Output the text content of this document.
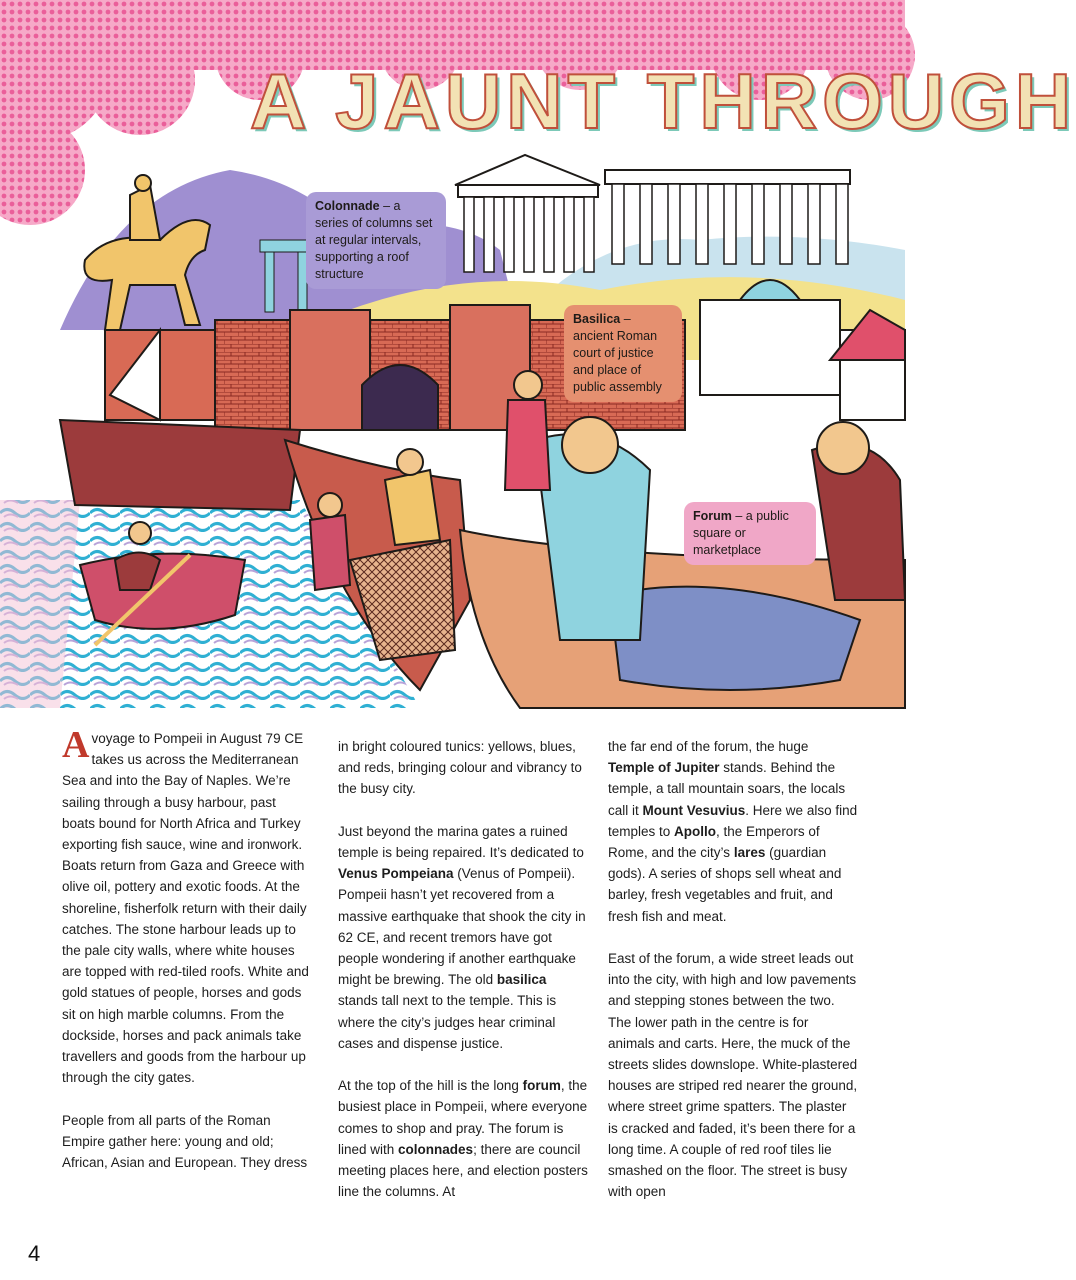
A JAUNT THROUGH
Colonnade – a series of columns set at regular intervals, supporting a roof structure
Basilica – ancient Roman court of justice and place of public assembly
Forum – a public square or marketplace

A voyage to Pompeii in August 79 CE takes us across the Mediterranean Sea and into the Bay of Naples. We’re sailing through a busy harbour, past boats bound for North Africa and Turkey exporting fish sauce, wine and ironwork. Boats return from Gaza and Greece with olive oil, pottery and exotic foods. At the shoreline, fisherfolk return with their daily catches. The stone harbour leads up to the pale city walls, where white houses are topped with red-tiled roofs. White and gold statues of people, horses and gods sit on high marble columns. From the dockside, horses and pack animals take travellers and goods from the harbour up through the city gates.

People from all parts of the Roman Empire gather here: young and old; African, Asian and European. They dress

in bright coloured tunics: yellows, blues, and reds, bringing colour and vibrancy to the busy city.

Just beyond the marina gates a ruined temple is being repaired. It’s dedicated to Venus Pompeiana (Venus of Pompeii). Pompeii hasn’t yet recovered from a massive earthquake that shook the city in 62 CE, and recent tremors have got people wondering if another earthquake might be brewing. The old basilica stands tall next to the temple. This is where the city’s judges hear criminal cases and dispense justice.

At the top of the hill is the long forum, the busiest place in Pompeii, where everyone comes to shop and pray. The forum is lined with colonnades; there are council meeting places here, and election posters line the columns. At

the far end of the forum, the huge Temple of Jupiter stands. Behind the temple, a tall mountain soars, the locals call it Mount Vesuvius. Here we also find temples to Apollo, the Emperors of Rome, and the city’s lares (guardian gods). A series of shops sell wheat and barley, fresh vegetables and fruit, and fresh fish and meat.

East of the forum, a wide street leads out into the city, with high and low pavements and stepping stones between the two. The lower path in the centre is for animals and carts. Here, the muck of the streets slides downslope. White-plastered houses are striped red nearer the ground, where street grime spatters. The plaster is cracked and faded, it’s been there for a long time. A couple of red roof tiles lie smashed on the floor. The street is busy with open

4
